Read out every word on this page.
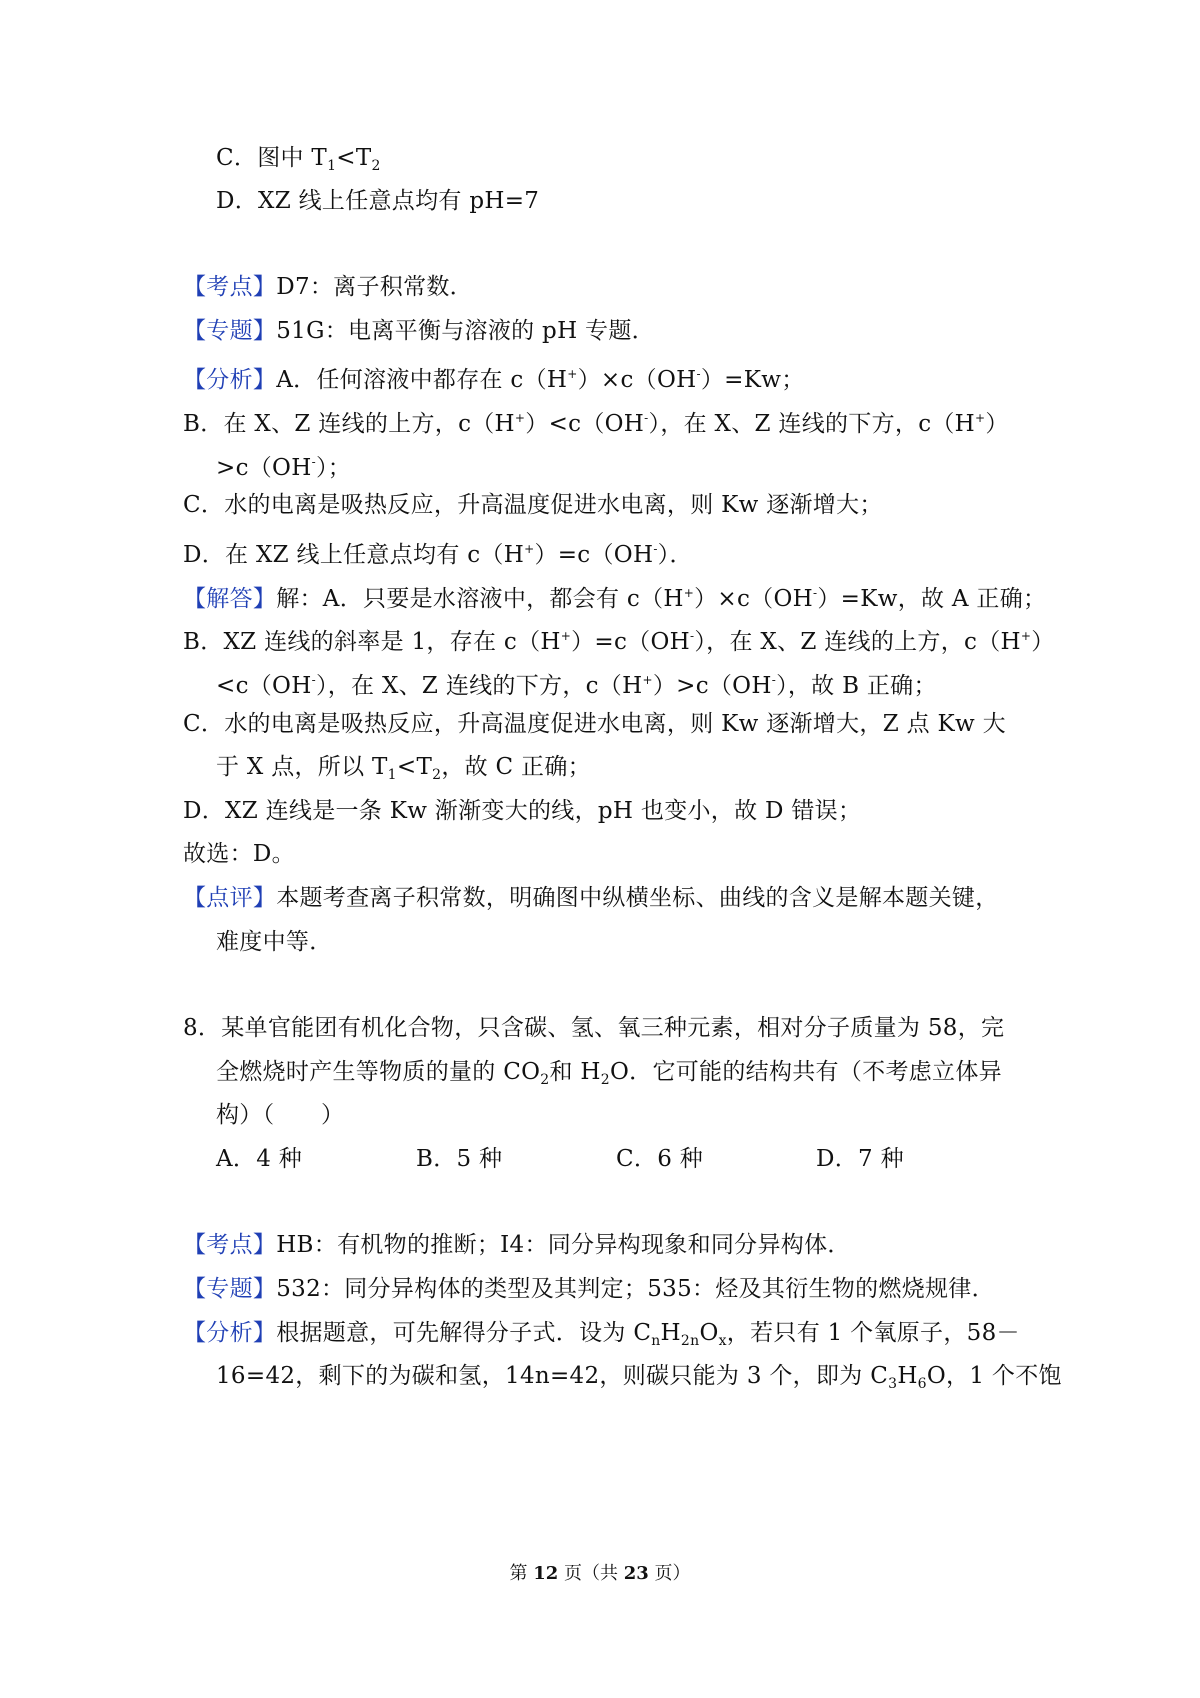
C．图中 $T_1<T_2$
D．XZ 线上任意点均有 pH=7
【考点】D7：离子积常数．
【专题】51G：电离平衡与溶液的 pH 专题．
【分析】A．任何溶液中都存在 c（H+）×c（OH-）=Kw；
B．在 X、Z 连线的上方，c（H+）<c（OH-），在 X、Z 连线的下方，c（H+）
>c（OH-）；
C．水的电离是吸热反应，升高温度促进水电离，则 Kw 逐渐增大；
D．在 XZ 线上任意点均有 c（H+）=c（OH-）．
【解答】解：A．只要是水溶液中，都会有 c（H+）×c（OH-）=Kw，故 A 正确；
B．XZ 连线的斜率是 1，存在 c（H+）=c（OH-），在 X、Z 连线的上方，c（H+）
<c（OH-），在 X、Z 连线的下方，c（H+）>c（OH-），故 B 正确；
C．水的电离是吸热反应，升高温度促进水电离，则 Kw 逐渐增大，Z 点 Kw 大
于 X 点，所以 $T_1<T_2$，故 C 正确；
D．XZ 连线是一条 Kw 渐渐变大的线，pH 也变小，故 D 错误；
故选：D。
【点评】本题考查离子积常数，明确图中纵横坐标、曲线的含义是解本题关键，
难度中等．
8．某单官能团有机化合物，只含碳、氢、氧三种元素，相对分子质量为 58，完
全燃烧时产生等物质的量的 $CO_2$和 $H_2O$．它可能的结构共有（不考虑立体异
构）（　　）
A．4 种	B．5 种	C．6 种	D．7 种
【考点】HB：有机物的推断；I4：同分异构现象和同分异构体．
【专题】532：同分异构体的类型及其判定；535：烃及其衍生物的燃烧规律．
【分析】根据题意，可先解得分子式．设为 $C_nH_{2n}O_x$，若只有 1 个氧原子，58－
16=42，剩下的为碳和氢，14n=42，则碳只能为 3 个，即为 $C_3H_6O$，1 个不饱
第 12 页（共 23 页）
